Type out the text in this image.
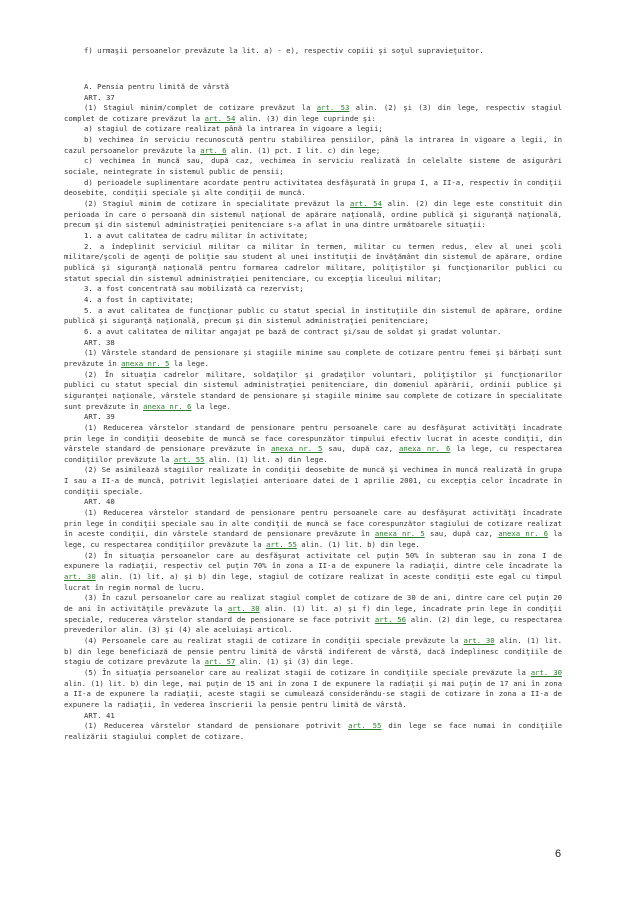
f) urmaşii persoanelor prevăzute la lit. a) - e), respectiv copiii şi soţul supravieţuitor.

A. Pensia pentru limită de vârstă

ART. 37

(1) Stagiul minim/complet de cotizare prevăzut la art. 53 alin. (2) şi (3) din lege, respectiv stagiul complet de cotizare prevăzut la art. 54 alin. (3) din lege cuprinde şi:

a) stagiul de cotizare realizat până la intrarea în vigoare a legii;

b) vechimea în serviciu recunoscută pentru stabilirea pensiilor, până la intrarea în vigoare a legii, în cazul persoanelor prevăzute la art. 6 alin. (1) pct. I lit. c) din lege;

c) vechimea în muncă sau, după caz, vechimea în serviciu realizată în celelalte sisteme de asigurări sociale, neintegrate în sistemul public de pensii;

d) perioadele suplimentare acordate pentru activitatea desfăşurată în grupa I, a II-a, respectiv în condiţii deosebite, condiţii speciale şi alte condiţii de muncă.

(2) Stagiul minim de cotizare în specialitate prevăzut la art. 54 alin. (2) din lege este constituit din perioada în care o persoană din sistemul naţional de apărare naţională, ordine publică şi siguranţă naţională, precum şi din sistemul administraţiei penitenciare s-a aflat în una dintre următoarele situaţii:

1. a avut calitatea de cadru militar în activitate;

2. a îndeplinit serviciul militar ca militar în termen, militar cu termen redus, elev al unei şcoli militare/şcoli de agenţi de poliţie sau student al unei instituţii de învăţământ din sistemul de apărare, ordine publică şi siguranţă naţională pentru formarea cadrelor militare, poliţiştilor şi funcţionarilor publici cu statut special din sistemul administraţiei penitenciare, cu excepţia liceului militar;

3. a fost concentrată sau mobilizată ca rezervist;

4. a fost în captivitate;

5. a avut calitatea de funcţionar public cu statut special în instituţiile din sistemul de apărare, ordine publică şi siguranţă naţională, precum şi din sistemul administraţiei penitenciare;

6. a avut calitatea de militar angajat pe bază de contract şi/sau de soldat şi gradat voluntar.

ART. 38

(1) Vârstele standard de pensionare şi stagiile minime sau complete de cotizare pentru femei şi bărbaţi sunt prevăzute în anexa nr. 5 la lege.

(2) În situaţia cadrelor militare, soldaţilor şi gradaţilor voluntari, poliţiştilor şi funcţionarilor publici cu statut special din sistemul administraţiei penitenciare, din domeniul apărării, ordinii publice şi siguranţei naţionale, vârstele standard de pensionare şi stagiile minime sau complete de cotizare în specialitate sunt prevăzute în anexa nr. 6 la lege.

ART. 39

(1) Reducerea vârstelor standard de pensionare pentru persoanele care au desfăşurat activităţi încadrate prin lege în condiţii deosebite de muncă se face corespunzător timpului efectiv lucrat în aceste condiţii, din vârstele standard de pensionare prevăzute în anexa nr. 5 sau, după caz, anexa nr. 6 la lege, cu respectarea condiţiilor prevăzute la art. 55 alin. (1) lit. a) din lege.

(2) Se asimilează stagiilor realizate în condiţii deosebite de muncă şi vechimea în muncă realizată în grupa I sau a II-a de muncă, potrivit legislaţiei anterioare datei de 1 aprilie 2001, cu excepţia celor încadrate în condiţii speciale.

ART. 40

(1) Reducerea vârstelor standard de pensionare pentru persoanele care au desfăşurat activităţi încadrate prin lege în condiţii speciale sau în alte condiţii de muncă se face corespunzător stagiului de cotizare realizat în aceste condiţii, din vârstele standard de pensionare prevăzute în anexa nr. 5 sau, după caz, anexa nr. 6 la lege, cu respectarea condiţiilor prevăzute la art. 55 alin. (1) lit. b) din lege.

(2) În situaţia persoanelor care au desfăşurat activitate cel puţin 50% în subteran sau în zona I de expunere la radiaţii, respectiv cel puţin 70% în zona a II-a de expunere la radiaţii, dintre cele încadrate la art. 30 alin. (1) lit. a) şi b) din lege, stagiul de cotizare realizat în aceste condiţii este egal cu timpul lucrat în regim normal de lucru.

(3) În cazul persoanelor care au realizat stagiul complet de cotizare de 30 de ani, dintre care cel puţin 20 de ani în activităţile prevăzute la art. 30 alin. (1) lit. a) şi f) din lege, încadrate prin lege în condiţii speciale, reducerea vârstelor standard de pensionare se face potrivit art. 56 alin. (2) din lege, cu respectarea prevederilor alin. (3) şi (4) ale aceluiaşi articol.

(4) Persoanele care au realizat stagii de cotizare în condiţii speciale prevăzute la art. 30 alin. (1) lit. b) din lege beneficiază de pensie pentru limită de vârstă indiferent de vârstă, dacă îndeplinesc condiţiile de stagiu de cotizare prevăzute la art. 57 alin. (1) şi (3) din lege.

(5) În situaţia persoanelor care au realizat stagii de cotizare în condiţiile speciale prevăzute la art. 30 alin. (1) lit. b) din lege, mai puţin de 15 ani în zona I de expunere la radiaţii şi mai puţin de 17 ani în zona a II-a de expunere la radiaţii, aceste stagii se cumulează considerându-se stagii de cotizare în zona a II-a de expunere la radiaţii, în vederea înscrierii la pensie pentru limită de vârstă.

ART. 41

(1) Reducerea vârstelor standard de pensionare potrivit art. 55 din lege se face numai în condiţiile realizării stagiului complet de cotizare.

6
